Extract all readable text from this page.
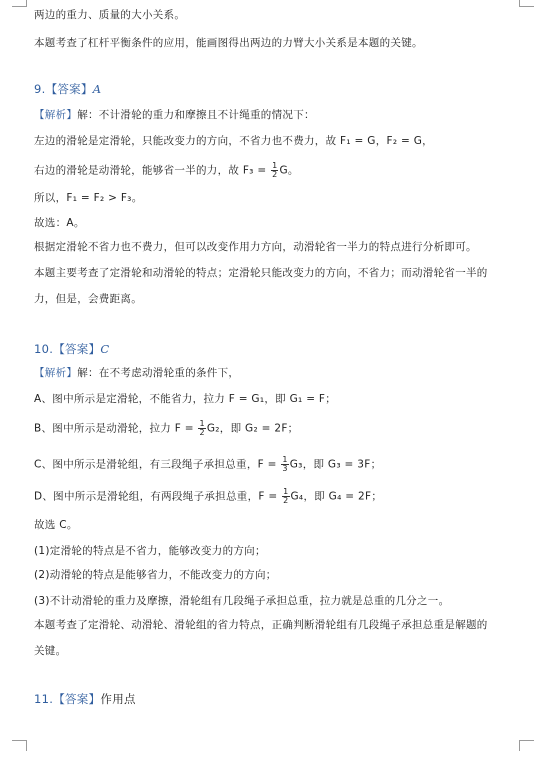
两边的重力、质量的大小关系。
本题考查了杠杆平衡条件的应用，能画图得出两边的力臂大小关系是本题的关键。
9.【答案】A
【解析】解：不计滑轮的重力和摩擦且不计绳重的情况下：
左边的滑轮是定滑轮，只能改变力的方向，不省力也不费力，故 F₁ = G，F₂ = G，
右边的滑轮是动滑轮，能够省一半的力，故 $F_3 = \frac{1}{2}$ G。
所以，F₁ = F₂ > F₃。
故选：A。
根据定滑轮不省力也不费力，但可以改变作用力方向，动滑轮省一半力的特点进行分析即可。
本题主要考查了定滑轮和动滑轮的特点；定滑轮只能改变力的方向，不省力；而动滑轮省一半的
力，但是，会费距离。
10.【答案】C
【解析】解：在不考虑动滑轮重的条件下，
A、图中所示是定滑轮，不能省力，拉力 F = G₁，即 G₁ = F；
B、图中所示是动滑轮，拉力 $F = \frac{1}{2} G_2$，即 G₂ = 2F；
C、图中所示是滑轮组，有三段绳子承担总重，$F = \frac{1}{3} G_3$，即 G₃ = 3F；
D、图中所示是滑轮组，有两段绳子承担总重，$F = \frac{1}{2} G_4$，即 G₄ = 2F；
故选 C。
(1)定滑轮的特点是不省力，能够改变力的方向；
(2)动滑轮的特点是能够省力，不能改变力的方向；
(3)不计动滑轮的重力及摩擦，滑轮组有几段绳子承担总重，拉力就是总重的几分之一。
本题考查了定滑轮、动滑轮、滑轮组的省力特点，正确判断滑轮组有几段绳子承担总重是解题的
关键。
11.【答案】作用点
